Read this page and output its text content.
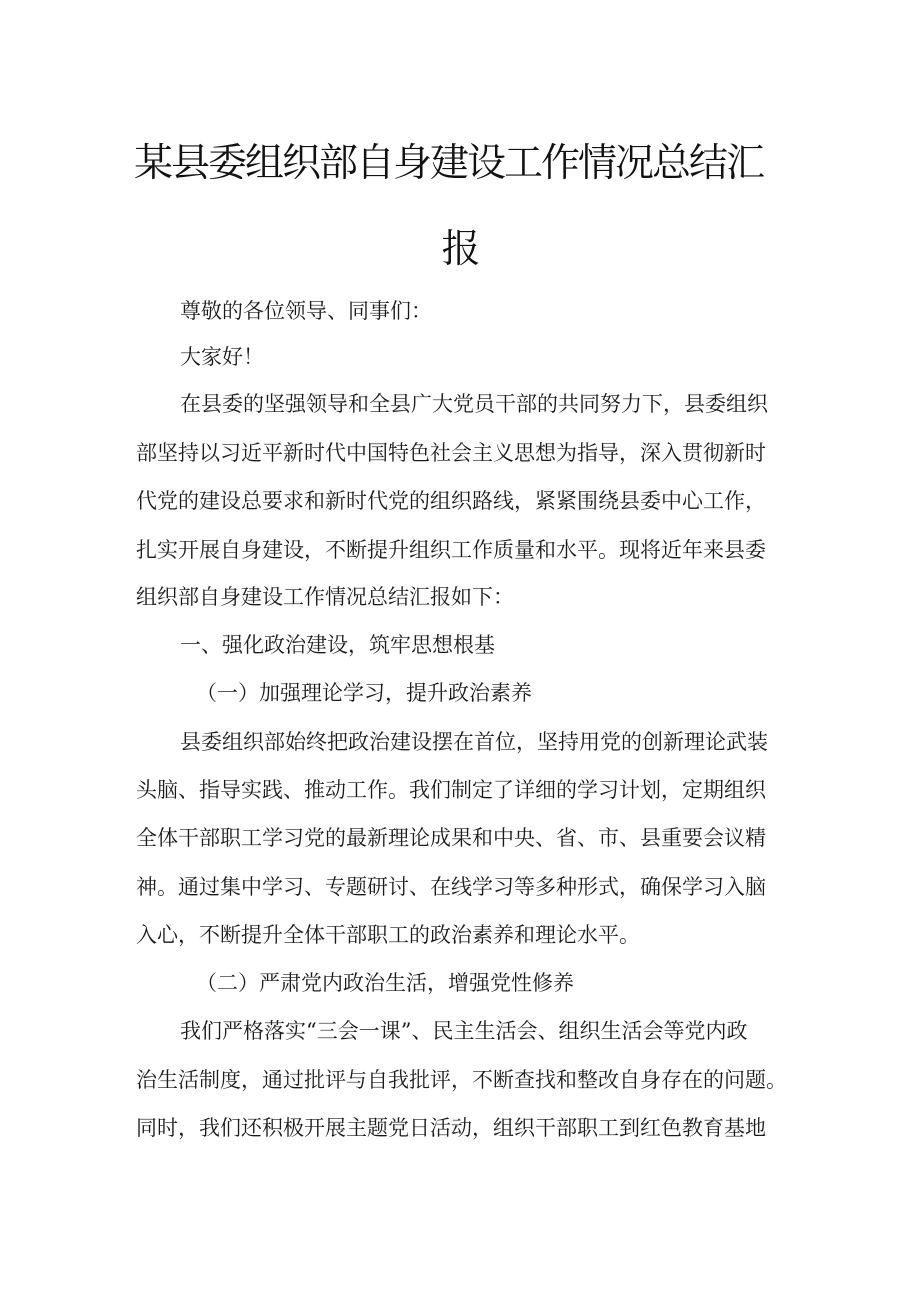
某县委组织部自身建设工作情况总结汇
报
尊敬的各位领导、同事们：
大家好！
在县委的坚强领导和全县广大党员干部的共同努力下，县委组织
部坚持以习近平新时代中国特色社会主义思想为指导，深入贯彻新时
代党的建设总要求和新时代党的组织路线，紧紧围绕县委中心工作，
扎实开展自身建设，不断提升组织工作质量和水平。现将近年来县委
组织部自身建设工作情况总结汇报如下：
一、强化政治建设，筑牢思想根基
（一）加强理论学习，提升政治素养
县委组织部始终把政治建设摆在首位，坚持用党的创新理论武装
头脑、指导实践、推动工作。我们制定了详细的学习计划，定期组织
全体干部职工学习党的最新理论成果和中央、省、市、县重要会议精
神。通过集中学习、专题研讨、在线学习等多种形式，确保学习入脑
入心，不断提升全体干部职工的政治素养和理论水平。
（二）严肃党内政治生活，增强党性修养
我们严格落实“三会一课”、民主生活会、组织生活会等党内政
治生活制度，通过批评与自我批评，不断查找和整改自身存在的问题。
同时，我们还积极开展主题党日活动，组织干部职工到红色教育基地
